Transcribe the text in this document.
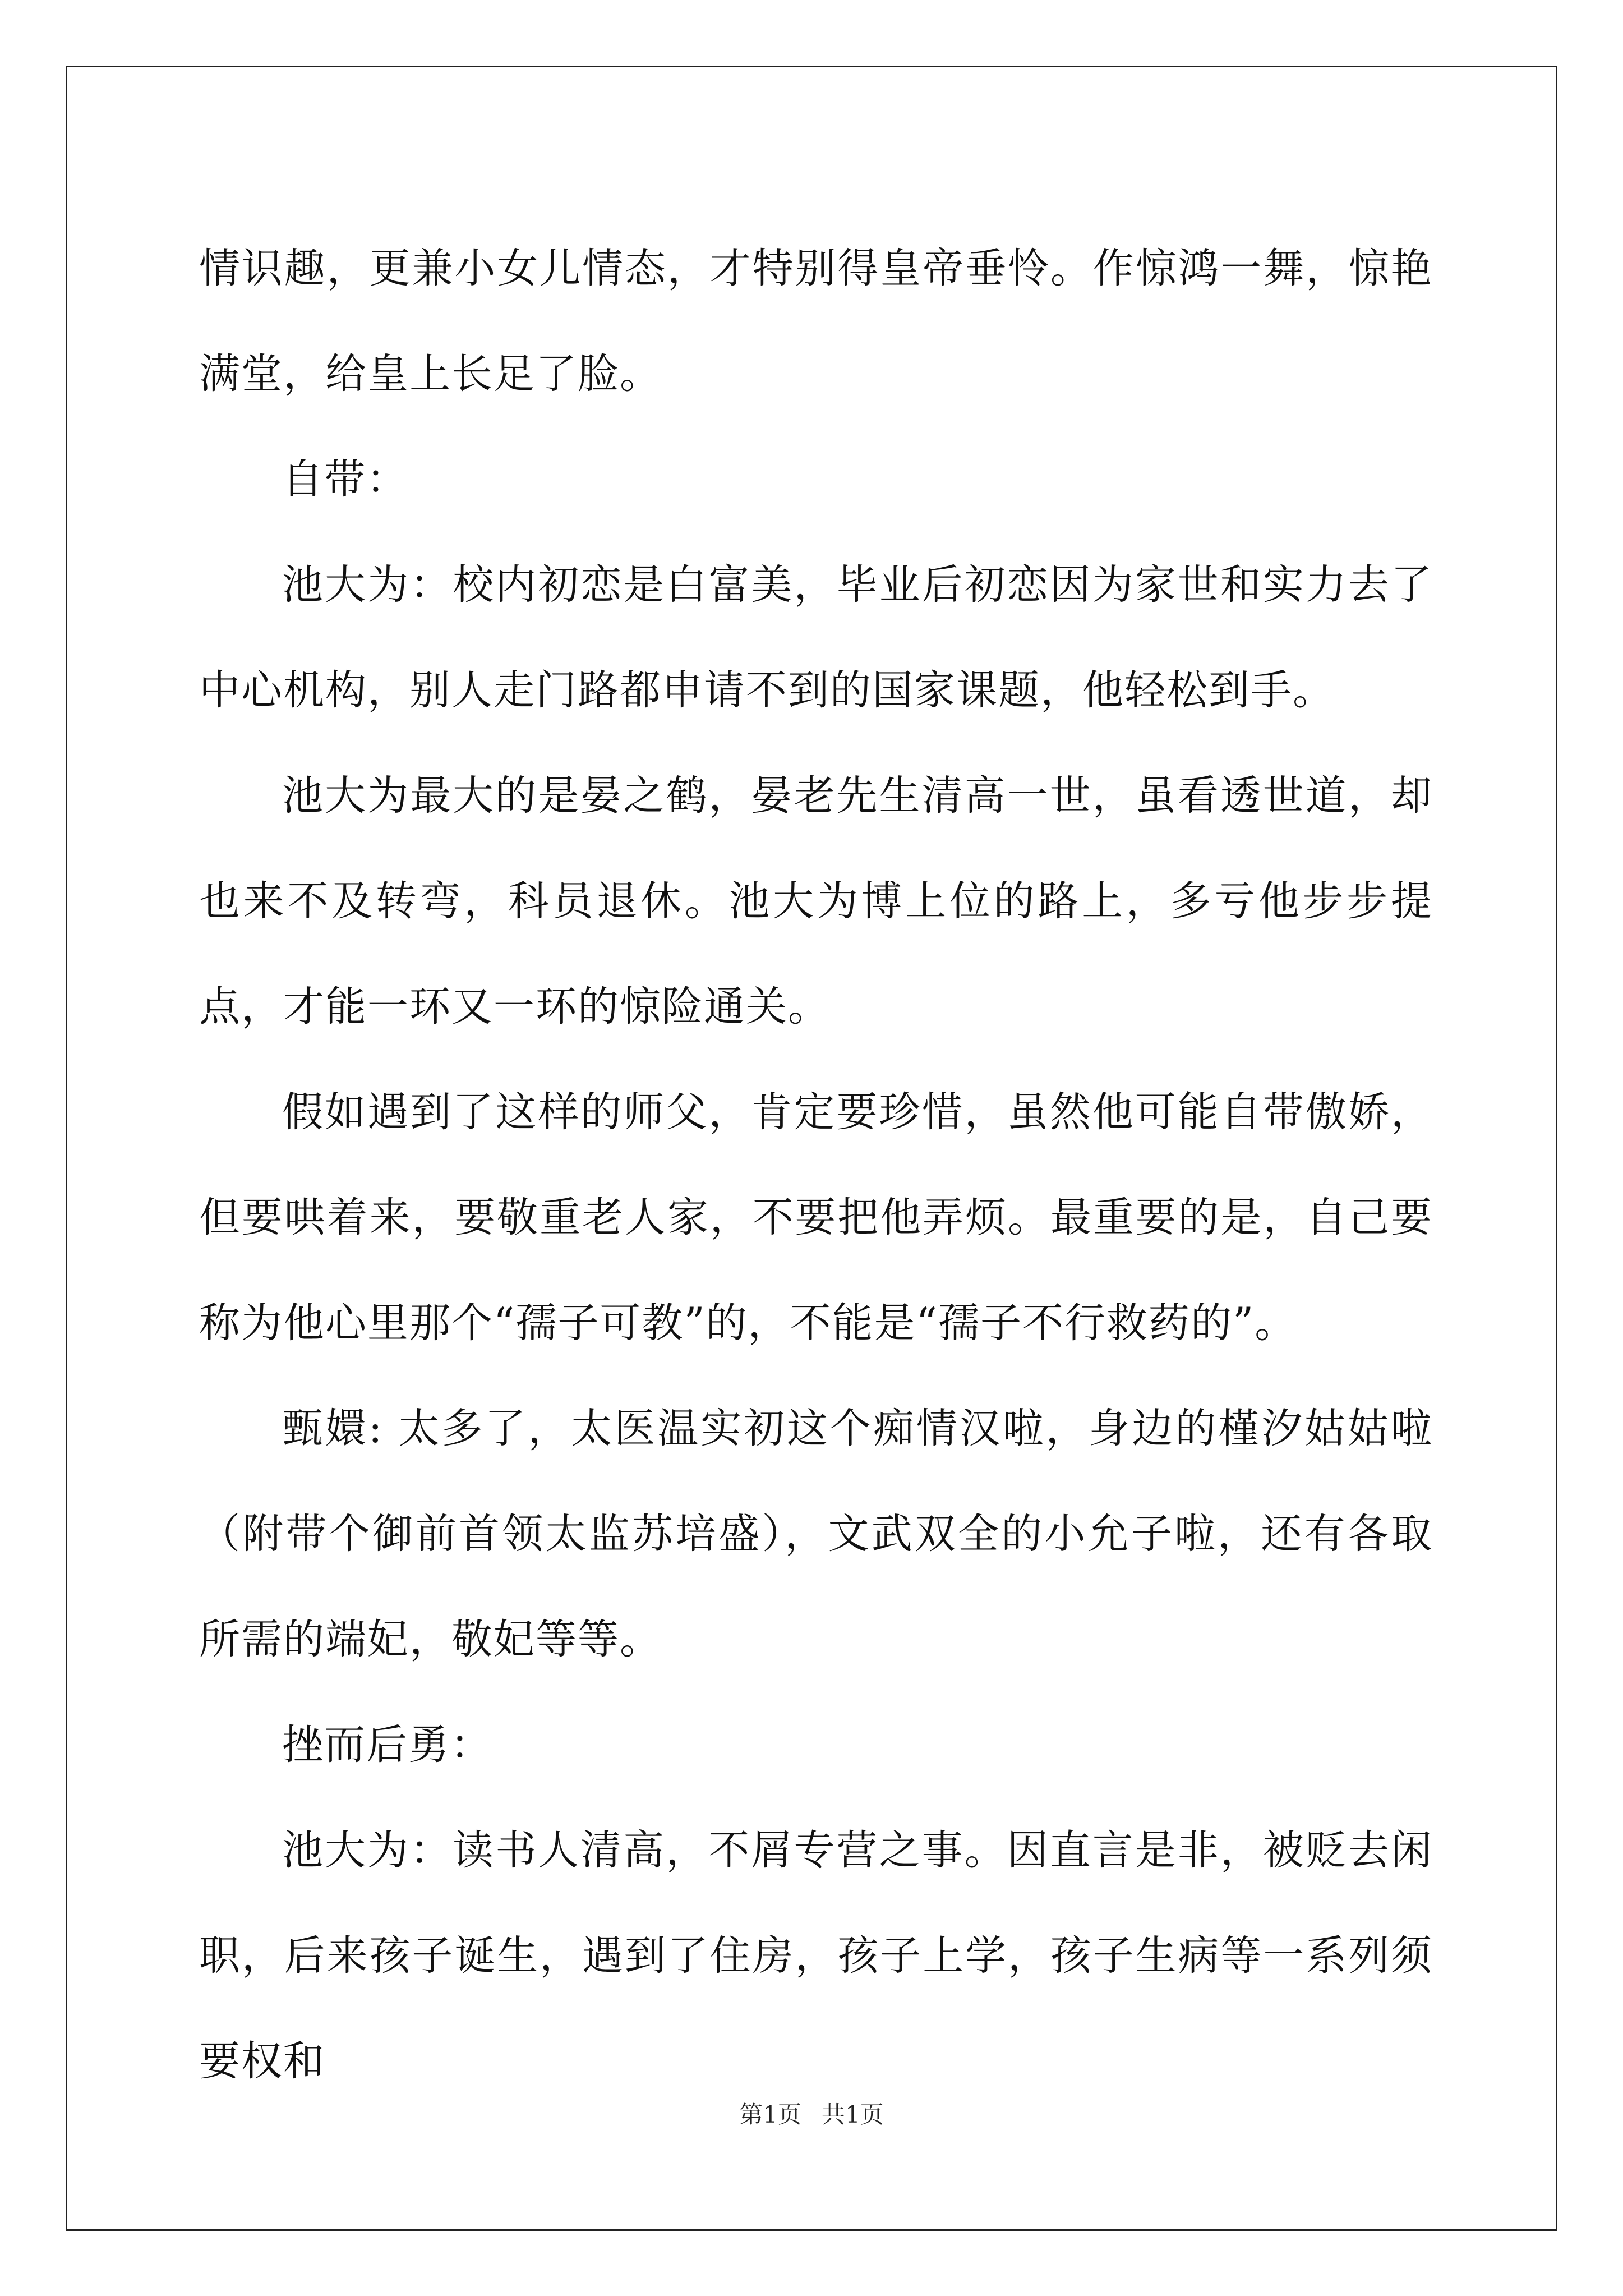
情识趣，更兼小女儿情态，才特别得皇帝垂怜。作惊鸿一舞，惊艳满堂，给皇上长足了脸。

自带：

池大为：校内初恋是白富美，毕业后初恋因为家世和实力去了中心机构，别人走门路都申请不到的国家课题，他轻松到手。

池大为最大的是晏之鹤，晏老先生清高一世，虽看透世道，却也来不及转弯，科员退休。池大为博上位的路上，多亏他步步提点，才能一环又一环的惊险通关。

假如遇到了这样的师父，肯定要珍惜，虽然他可能自带傲娇，但要哄着来，要敬重老人家，不要把他弄烦。最重要的是，自己要称为他心里那个“孺子可教”的，不能是“孺子不行救药的”。

甄嬛: 太多了，太医温实初这个痴情汉啦，身边的槿汐姑姑啦（附带个御前首领太监苏培盛），文武双全的小允子啦，还有各取所需的端妃，敬妃等等。

挫而后勇：

池大为：读书人清高，不屑专营之事。因直言是非，被贬去闲职，后来孩子诞生，遇到了住房，孩子上学，孩子生病等一系列须要权和

第1页 共1页
